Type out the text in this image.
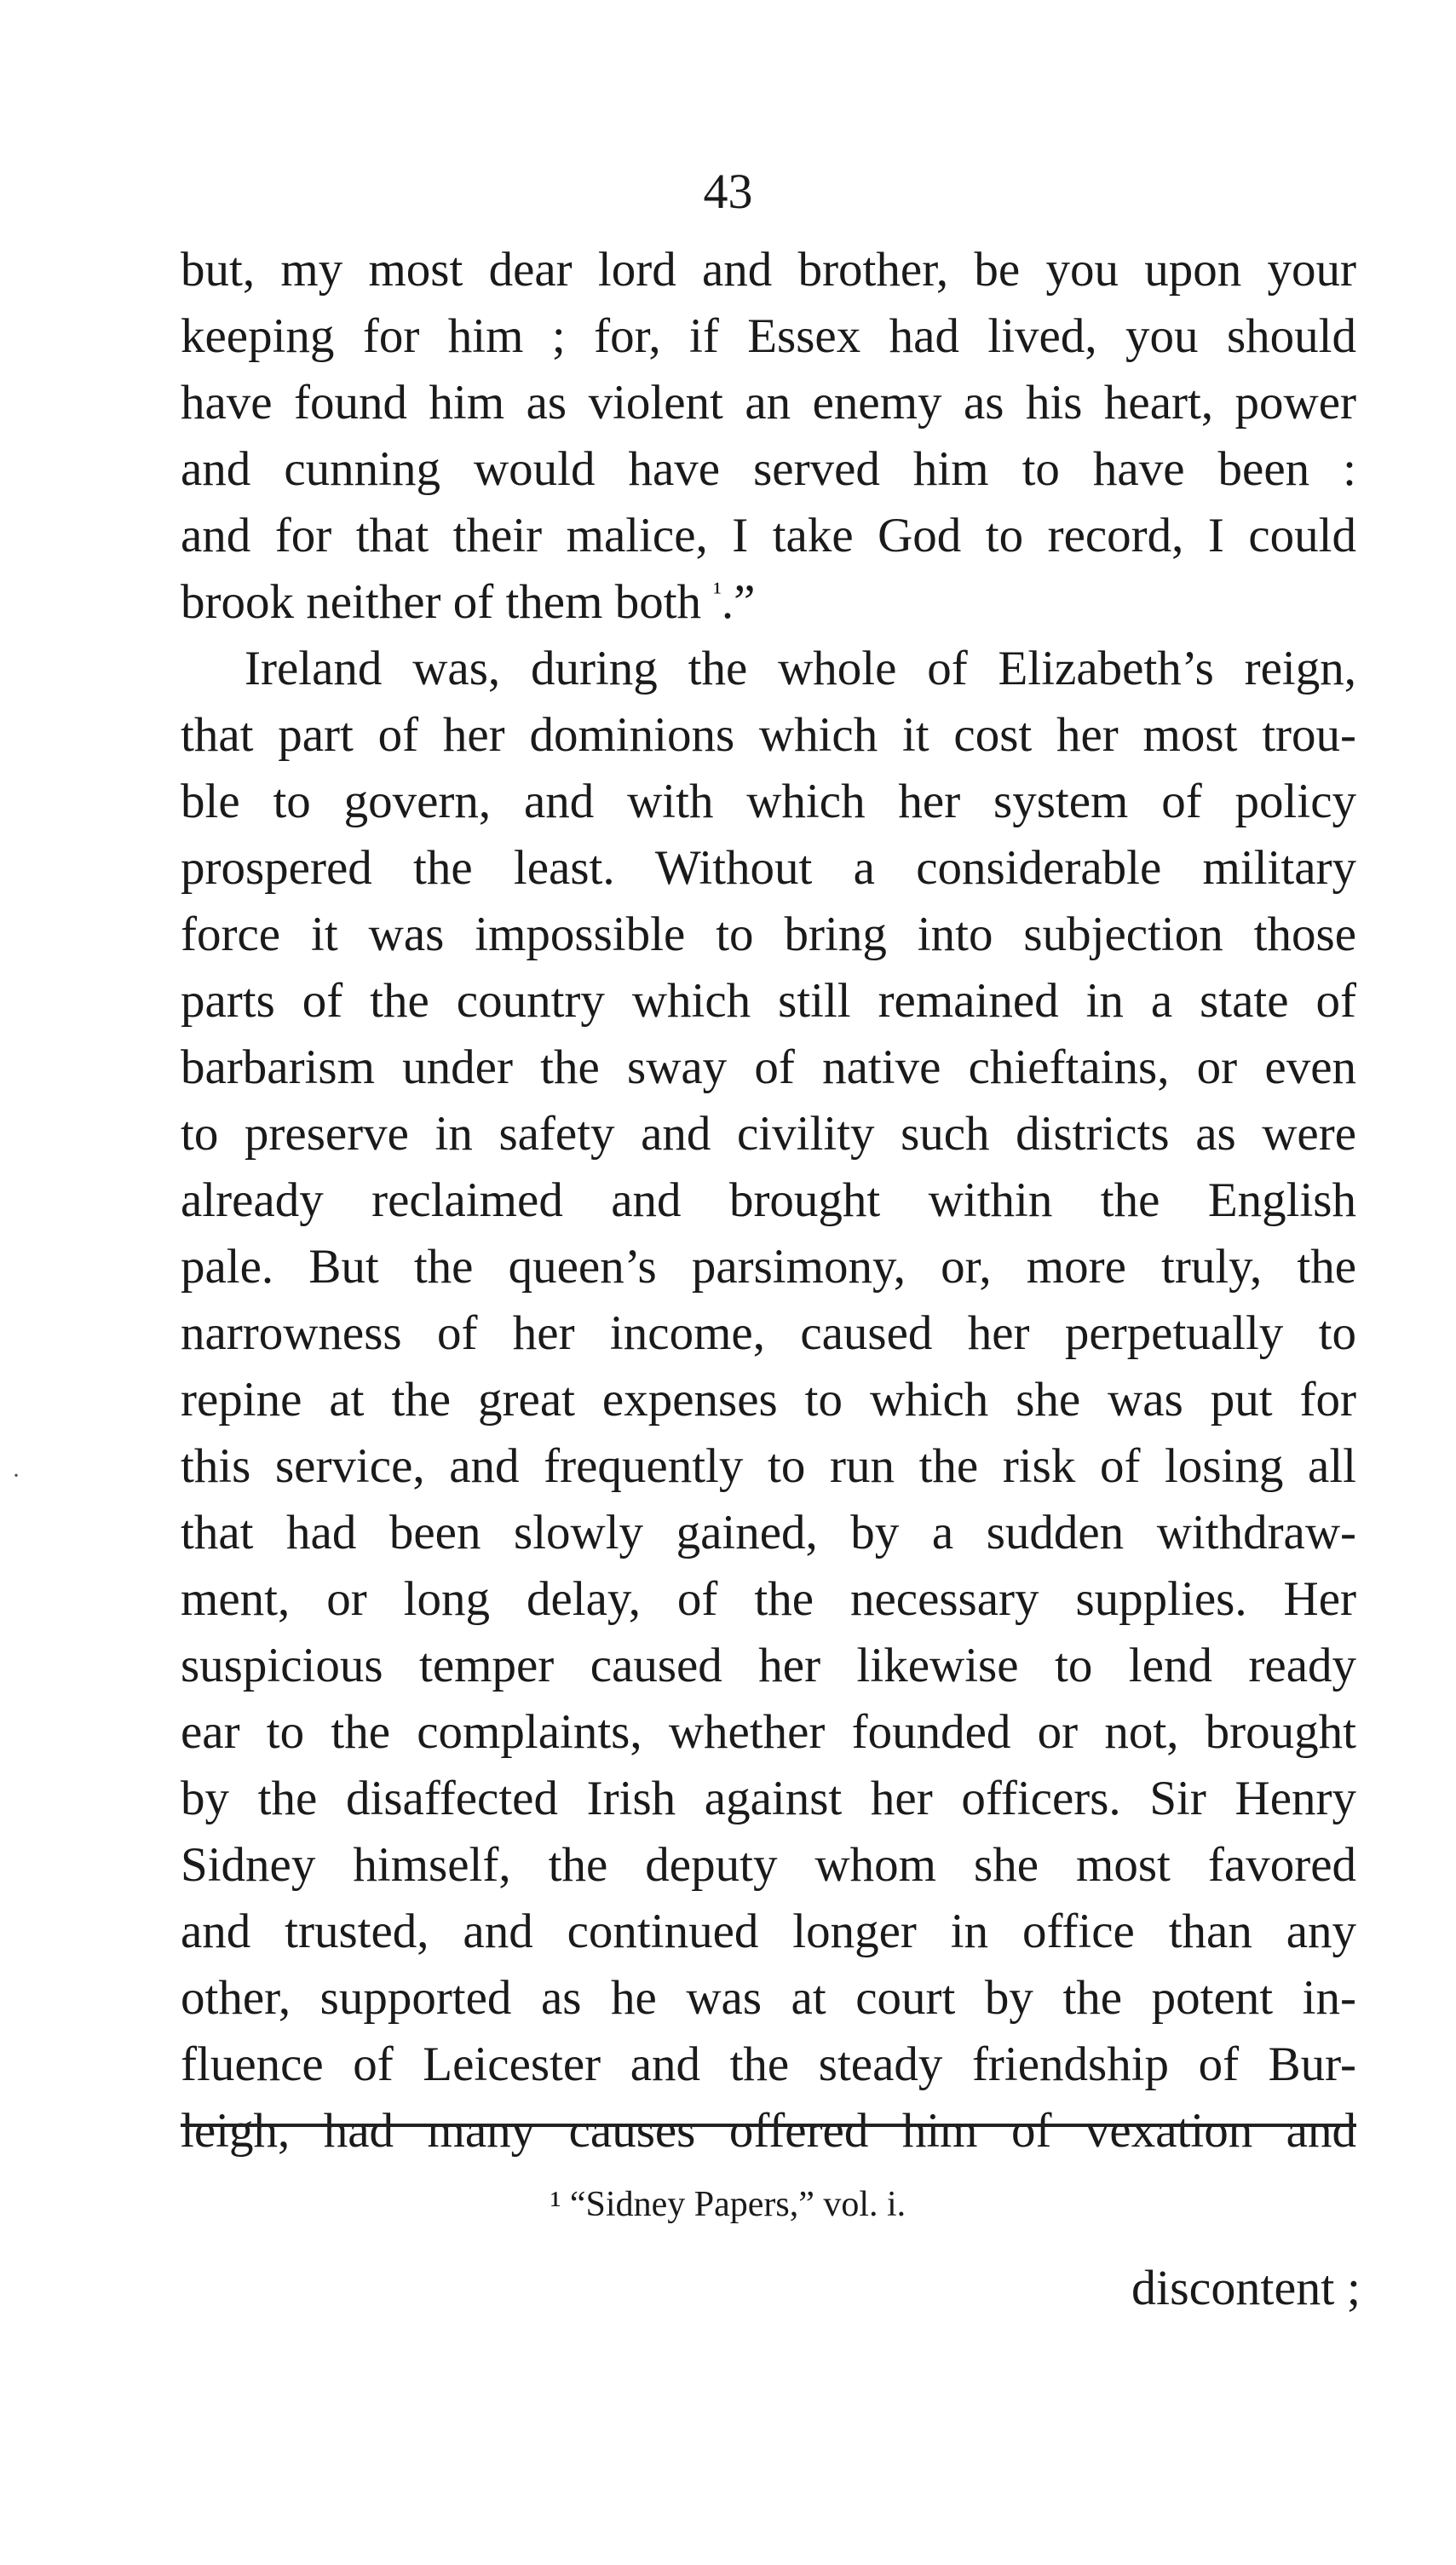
43
but, my most dear lord and brother, be you upon your
keeping for him ; for, if Essex had lived, you should
have found him as violent an enemy as his heart, power
and cunning would have served him to have been :
and for that their malice, I take God to record, I could
brook neither of them both $^{^1}$.”
Ireland was, during the whole of Elizabeth’s reign,
that part of her dominions which it cost her most trou-
ble to govern, and with which her system of policy
prospered the least. Without a considerable military
force it was impossible to bring into subjection those
parts of the country which still remained in a state of
barbarism under the sway of native chieftains, or even
to preserve in safety and civility such districts as were
already reclaimed and brought within the English
pale. But the queen’s parsimony, or, more truly, the
narrowness of her income, caused her perpetually to
repine at the great expenses to which she was put for
this service, and frequently to run the risk of losing all
that had been slowly gained, by a sudden withdraw-
ment, or long delay, of the necessary supplies. Her
suspicious temper caused her likewise to lend ready
ear to the complaints, whether founded or not, brought
by the disaffected Irish against her officers. Sir Henry
Sidney himself, the deputy whom she most favored
and trusted, and continued longer in office than any
other, supported as he was at court by the potent in-
fluence of Leicester and the steady friendship of Bur-
leigh, had many causes offered him of vexation and
·
¹ “Sidney Papers,” vol. i.
discontent ;
